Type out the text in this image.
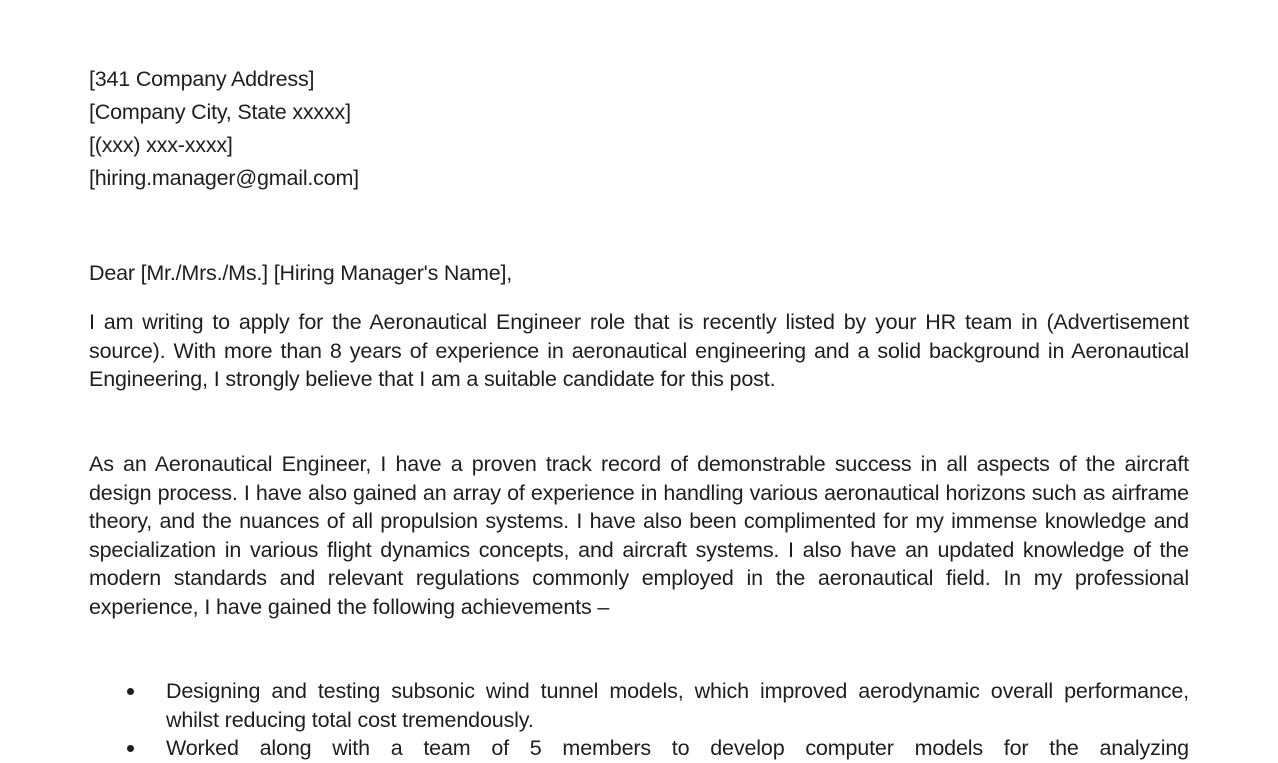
[341 Company Address]
[Company City, State xxxxx]
[(xxx) xxx-xxxx]
[hiring.manager@gmail.com]
Dear [Mr./Mrs./Ms.] [Hiring Manager's Name],

I am writing to apply for the Aeronautical Engineer role that is recently listed by your HR team in (Advertisement source). With more than 8 years of experience in aeronautical engineering and a solid background in Aeronautical Engineering, I strongly believe that I am a suitable candidate for this post.

As an Aeronautical Engineer, I have a proven track record of demonstrable success in all aspects of the aircraft design process. I have also gained an array of experience in handling various aeronautical horizons such as airframe theory, and the nuances of all propulsion systems. I have also been complimented for my immense knowledge and specialization in various flight dynamics concepts, and aircraft systems. I also have an updated knowledge of the modern standards and relevant regulations commonly employed in the aeronautical field. In my professional experience, I have gained the following achievements –

Designing and testing subsonic wind tunnel models, which improved aerodynamic overall performance, whilst reducing total cost tremendously.
Worked along with a team of 5 members to develop computer models for the analyzing
